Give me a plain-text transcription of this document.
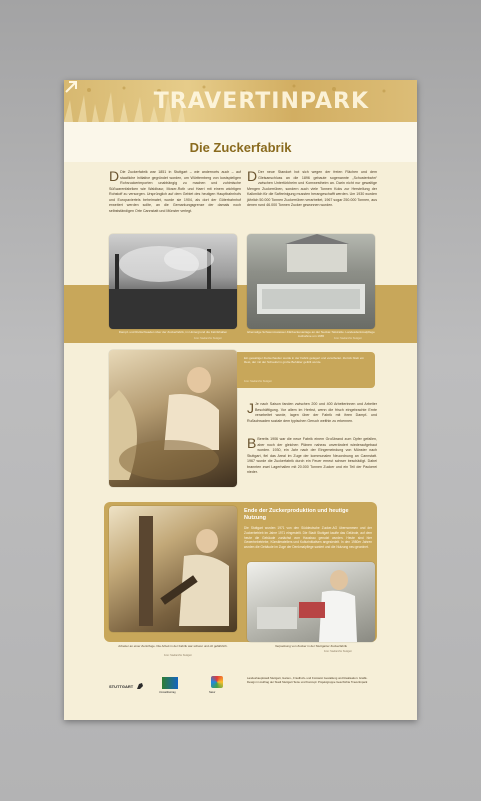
TRAVERTINPARK
Die Zuckerfabrik
D Die Zuckerfabrik war 1851 in Stuttgart – wie andernorts auch – auf staatliche Initiative gegründet worden, um Württemberg von kostspieligen Rohrzuckerimporten unabhängig zu machen und zuhimische Süßwarenfabriken wie Waldbaur, Moser-Roth und Haeri mit einem wichtigen Rohstoff zu versorgen. Ursprünglich auf dem Gebiet des heutigen Hauptbahnhofs und Europaviertels beheimatet, wurde sie 1904, als dort der Güterbahnhof erweitert werden sollte, an die Gemarkungsgrenze der damals noch selbstständigen Orte Cannstatt und Münster verlegt.
D Der neue Standort bot sich wegen der freien Flächen und dem Gleisanschluss an die 1896 gebaute sogenannte „Schusterbahn“ zwischen Untertürkheim und Kornwestheim an. Darin nicht nur gewaltige Mengen Zuckerrüben, sondern auch viele Tonnen Koks zur Herstellung der Kalkmilch für die Saftreinigung mussten herangeschafft werden. Um 1930 wurden jährlich 50.000 Tonnen Zuckerrüben verarbeitet, 1967 sogar 250.000 Tonnen, aus denen rund 46.000 Tonnen Zucker gewonnen wurden.
Dampf- und Rußschwaden über der Zuckerfabrik, im Hintergrund die Fabrikhallen
Foto: Stadtarchiv Stuttgart
Ehemalige Schwemmwasser-Klärbeckenanlage an der Neckar-Talstraße. Landesdenkmalpflege Aufnahme um 1965
Foto: Stadtarchiv Stuttgart
Ein gewaltiger Zuckerhaufen wurde in der Fabrik gelagert und verarbeitet. Zurück blieb ein Rest, der mit der Schaufel in große Behälter gefüllt wurde.
Foto: Stadtarchiv Stuttgart
J Je nach Saison fanden zwischen 200 und 400 Arbeiterinnen und Arbeiter Beschäftigung. Vor allem im Herbst, wenn die frisch eingebrachte Ernte verarbeitet wurde, lagen über der Fabrik mit ihren Dampf- und Rußschwaden soziale dem typischen Geruch weithin zu erkennen.
B Bereits 1906 war die neue Fabrik einem Großbrand zum Opfer gefallen, aber noch der gleichen Plänen nahezu unverändert wiederaufgebaut worden. 1930, ein Jahr nach der Eingemeindung von Münster nach Stuttgart, fiel das Areal im Zuge der kommunalen Neuordnung an Cannstatt. 1967 wurde die Zuckerfabrik durch ein Feuer erneut schwer beschädigt. Dabei brannten zwei Lagerhallen mit 20.000 Tonnen Zucker und ein Teil der Packerei nieder.
Ende der Zuckerproduktion und heutige Nutzung
Die Stuttgart wurden 1971 von den Süddeutsche Zucker-AG übernommen und der Zuckerbetrieb im Jahre 1971 eingestellt. Die Stadt Stuttgart kaufte das Gelände, auf dem heute die Gebäude zunächst vom Hausbau genutzt wurden. Heute sind hier Gewerbebetriebe, Künstlerateliers und Kulturinitiativen angesiedelt. In den 1980er Jahren wurden die Gebäude im Zuge der Denkmalpflege saniert und die Nutzung neu geordnet.
Arbeiter an einer Zentrifuge. Die Arbeit in der Fabrik war schwer und oft gefährlich.
Foto: Stadtarchiv Stuttgart
Verpackung von Zucker in der Stuttgarter Zuckerfabrik
Foto: Stadtarchiv Stuttgart
STUTTGART
Umweltbeitrag	Natur
Landeshauptstadt Stuttgart, Garten-, Friedhofs- und Forstamt Gestaltung und Realisation: Grafik-Design im Auftrag der Stadt Stuttgart Texte und Konzept: Projektgruppe Geschichte Travertinpark
